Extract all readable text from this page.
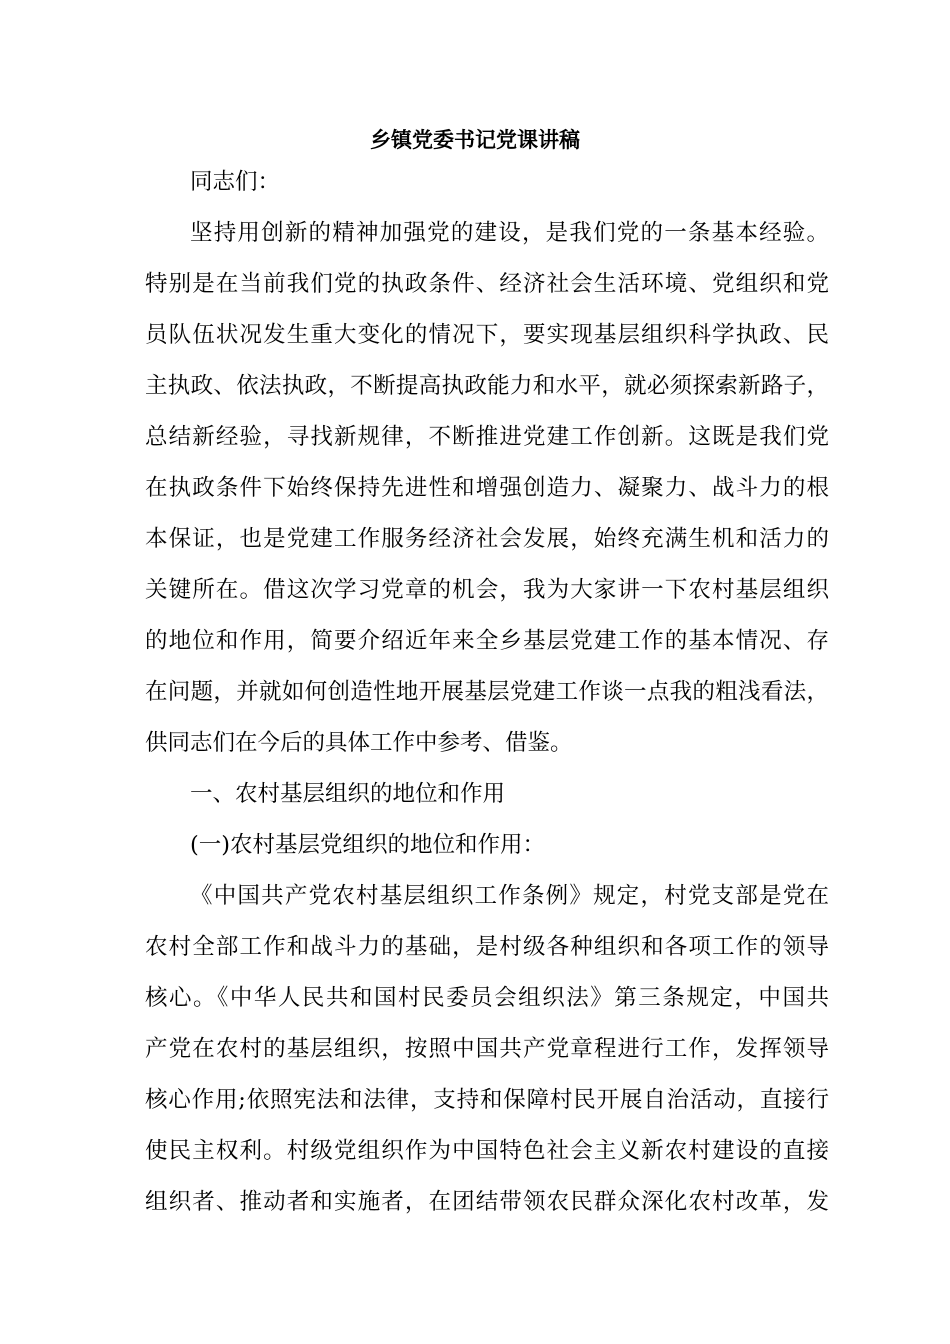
乡镇党委书记党课讲稿
同志们：
坚持用创新的精神加强党的建设，是我们党的一条基本经验。
特别是在当前我们党的执政条件、经济社会生活环境、党组织和党
员队伍状况发生重大变化的情况下，要实现基层组织科学执政、民
主执政、依法执政，不断提高执政能力和水平，就必须探索新路子，
总结新经验，寻找新规律，不断推进党建工作创新。这既是我们党
在执政条件下始终保持先进性和增强创造力、凝聚力、战斗力的根
本保证，也是党建工作服务经济社会发展，始终充满生机和活力的
关键所在。借这次学习党章的机会，我为大家讲一下农村基层组织
的地位和作用，简要介绍近年来全乡基层党建工作的基本情况、存
在问题，并就如何创造性地开展基层党建工作谈一点我的粗浅看法，
供同志们在今后的具体工作中参考、借鉴。
一、农村基层组织的地位和作用
(一)农村基层党组织的地位和作用：
《中国共产党农村基层组织工作条例》规定，村党支部是党在
农村全部工作和战斗力的基础，是村级各种组织和各项工作的领导
核心。《中华人民共和国村民委员会组织法》第三条规定，中国共
产党在农村的基层组织，按照中国共产党章程进行工作，发挥领导
核心作用;依照宪法和法律，支持和保障村民开展自治活动，直接行
使民主权利。村级党组织作为中国特色社会主义新农村建设的直接
组织者、推动者和实施者，在团结带领农民群众深化农村改革，发
